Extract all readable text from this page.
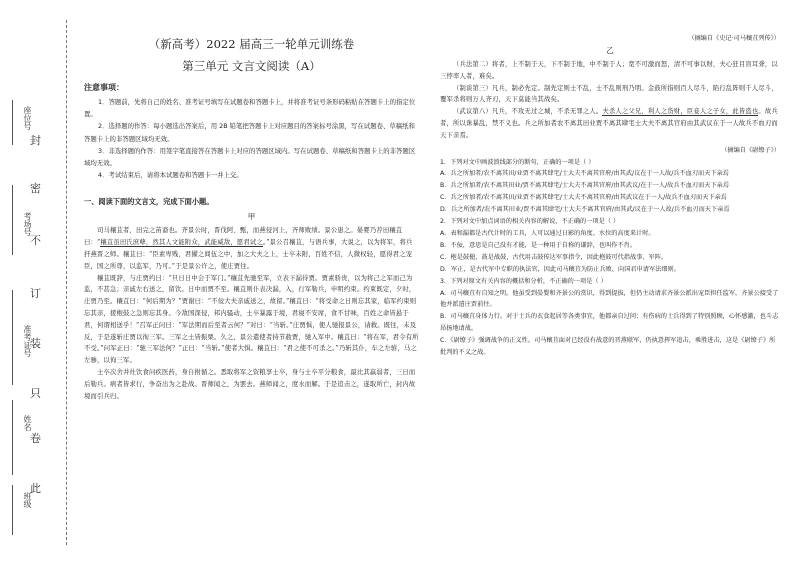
座位号
考场号
准考证号
姓名
班级
封
密
不
订
装
只
卷
此
（新高考）2022 届高三一轮单元训练卷
第三单元 文言文阅读（A）
注意事项：

1．答题前，先将自己的姓名、准考证号填写在试题卷和答题卡上，并将准考证号条形码粘贴在答题卡上的指定位置。

2．选择题的作答：每小题选出答案后，用 2B 铅笔把答题卡上对应题目的答案标号涂黑，写在试题卷、草稿纸和答题卡上的非答题区域均无效。

3．非选择题的作答：用签字笔直接答在答题卡上对应的答题区域内。写在试题卷、草稿纸和答题卡上的非答题区域均无效。

4．考试结束后，请将本试题卷和答题卡一并上交。

一、阅读下面的文言文，完成下面小题。
甲

司马穰苴者，田完之苗裔也。齐景公时，晋伐阿、甄，而燕侵河上，齐师败绩。景公患之。晏婴乃荐田穰苴曰：“穰苴虽田氏庶孽，然其人文能附众，武能威敌，愿君试之。”景公召穰苴，与语兵事，大说之，以为将军，将兵扞燕晋之师。穰苴曰：“臣素卑贱，君擢之闾伍之中，加之大夫之上，士卒未附，百姓不信，人微权轻，愿得君之宠臣，国之所尊，以监军，乃可。”于是景公许之，使庄贾往。

穰苴既辞，与庄贾约曰：“旦日日中会于军门。”穰苴先驰至军，立表下漏待贾。贾素骄贵，以为将己之军而己为监，不甚急；亲戚左右送之，留饮。日中而贾不至。穰苴则仆表决漏，入，行军勒兵，申明约束。约束既定，夕时，庄贾乃至。穰苴曰：“何后期为？”贾谢曰：“不佞大夫亲戚送之，故留。”穰苴曰：“将受命之日则忘其家，临军约束则忘其亲，援枹鼓之急则忘其身。今敌国深侵，邦内骚动，士卒暴露于境，君寝不安席，食不甘味，百姓之命皆悬于君，何谓相送乎！”召军正问曰：“军法期而后至者云何？”对曰：“当斩。”庄贾惧，使人驰报景公，请救。既往，未及反，于是遂斩庄贾以徇三军。三军之士皆振栗。久之，景公遣使者持节赦贾，驰入军中。穰苴曰：“将在军，君令有所不受。”问军正曰：“驰三军法何？”正曰：“当斩。”使者大惧。穰苴曰：“君之使不可杀之。”乃斩其仆，车之左驸，马之左骖，以徇三军。

士卒次舍井灶饮食问疾医药，身自拊循之。悉取将军之资粮享士卒，身与士卒平分粮食，最比其羸弱者，三日而后勒兵。病者皆求行，争奋出为之赴战。晋师闻之，为罢去。燕师闻之，度水而解。于是追击之，遂取所亡，封内故境而引兵归。

（摘编自《史记·司马穰苴列传》）
乙

（兵法第二）将者，上不制于天，下不制于地，中不制于人；宽不可激而怒，清不可事以财，夫心狂目盲耳聋，以三悖率人者，难矣。

（制谈第三）凡兵，制必先定。制先定则士不乱，士不乱则刑乃明。金鼓所指则百人尽斗，陷行乱阵则千人尽斗，覆军杀将则万人齐刃，天下莫能当其战矣。

（武议第八）凡兵，不攻无过之城，不杀无罪之人。夫杀人之父兄，利人之货财，臣妾人之子女，此皆盗也。故兵者，所以诛暴乱，禁不义也。兵之所加者农不离其田业贾不离其肆宅士大夫不离其官府由其武议在于一人故兵不血刃而天下亲焉。

（摘编自《尉缭子》）

1．下列对文中画波浪线部分的断句，正确的一项是（ ）

A．兵之所加者/农不离其田/业贾不离其肆宅/士大夫不离其官府/由其武/议在于一人故/兵不血刃而天下亲焉

B．兵之所加者/农不离其田业/贾不离其肆宅/士大夫不离其官府/由其武议/在于一人/故兵不血刃而天下亲焉

C．兵之所加者/农不离其田/业贾不离其肆宅/士大夫不离其官府/由其武议在于一人/故兵不血刃而天下亲焉

D．兵之所加者/农不离其田业/贾不离其肆宅/士大夫不离其官府/由其武/议在于一人故/兵不血刃而天下亲焉

2．下列对文中加点词语的相关内容的解说，不正确的一项是（ ）

A．表和漏都是古代计时的工具，人可以通过日影的角度、水位的高度来计时。

B．不佞，意思是自己没有才能，是一种用于自称的谦辞，也叫作不肖。

C．枹是鼓槌，鼓是战鼓，古代用击鼓传达军事指令，因此枹鼓可代指战事、军阵。

D．军正，是古代军中专职的执法官，因此司马穰苴为防止兵败，向国君申请军法细则。

3．下列对原文有关内容的概括和分析，不正确的一项是（ ）

A．司马穰苴有自知之明。他虽受到晏婴和齐景公的赏识，得到提拔，但仍主动请求齐景公派出宠臣担任监军，齐景公接受了他并派遣庄贾前往。

B．司马穰苴身体力行。对于士兵的衣食起居等各类事宜，他都亲自过问；有伤病的士兵得到了特别照顾，心怀感激，也斗志昂扬地请战。

C．《尉缭子》强调战争的正义性。司马穰苴面对已经没有战意的晋燕联军，仍执意挥军追击，乘胜进击，这是《尉缭子》所批判的不义之战。
